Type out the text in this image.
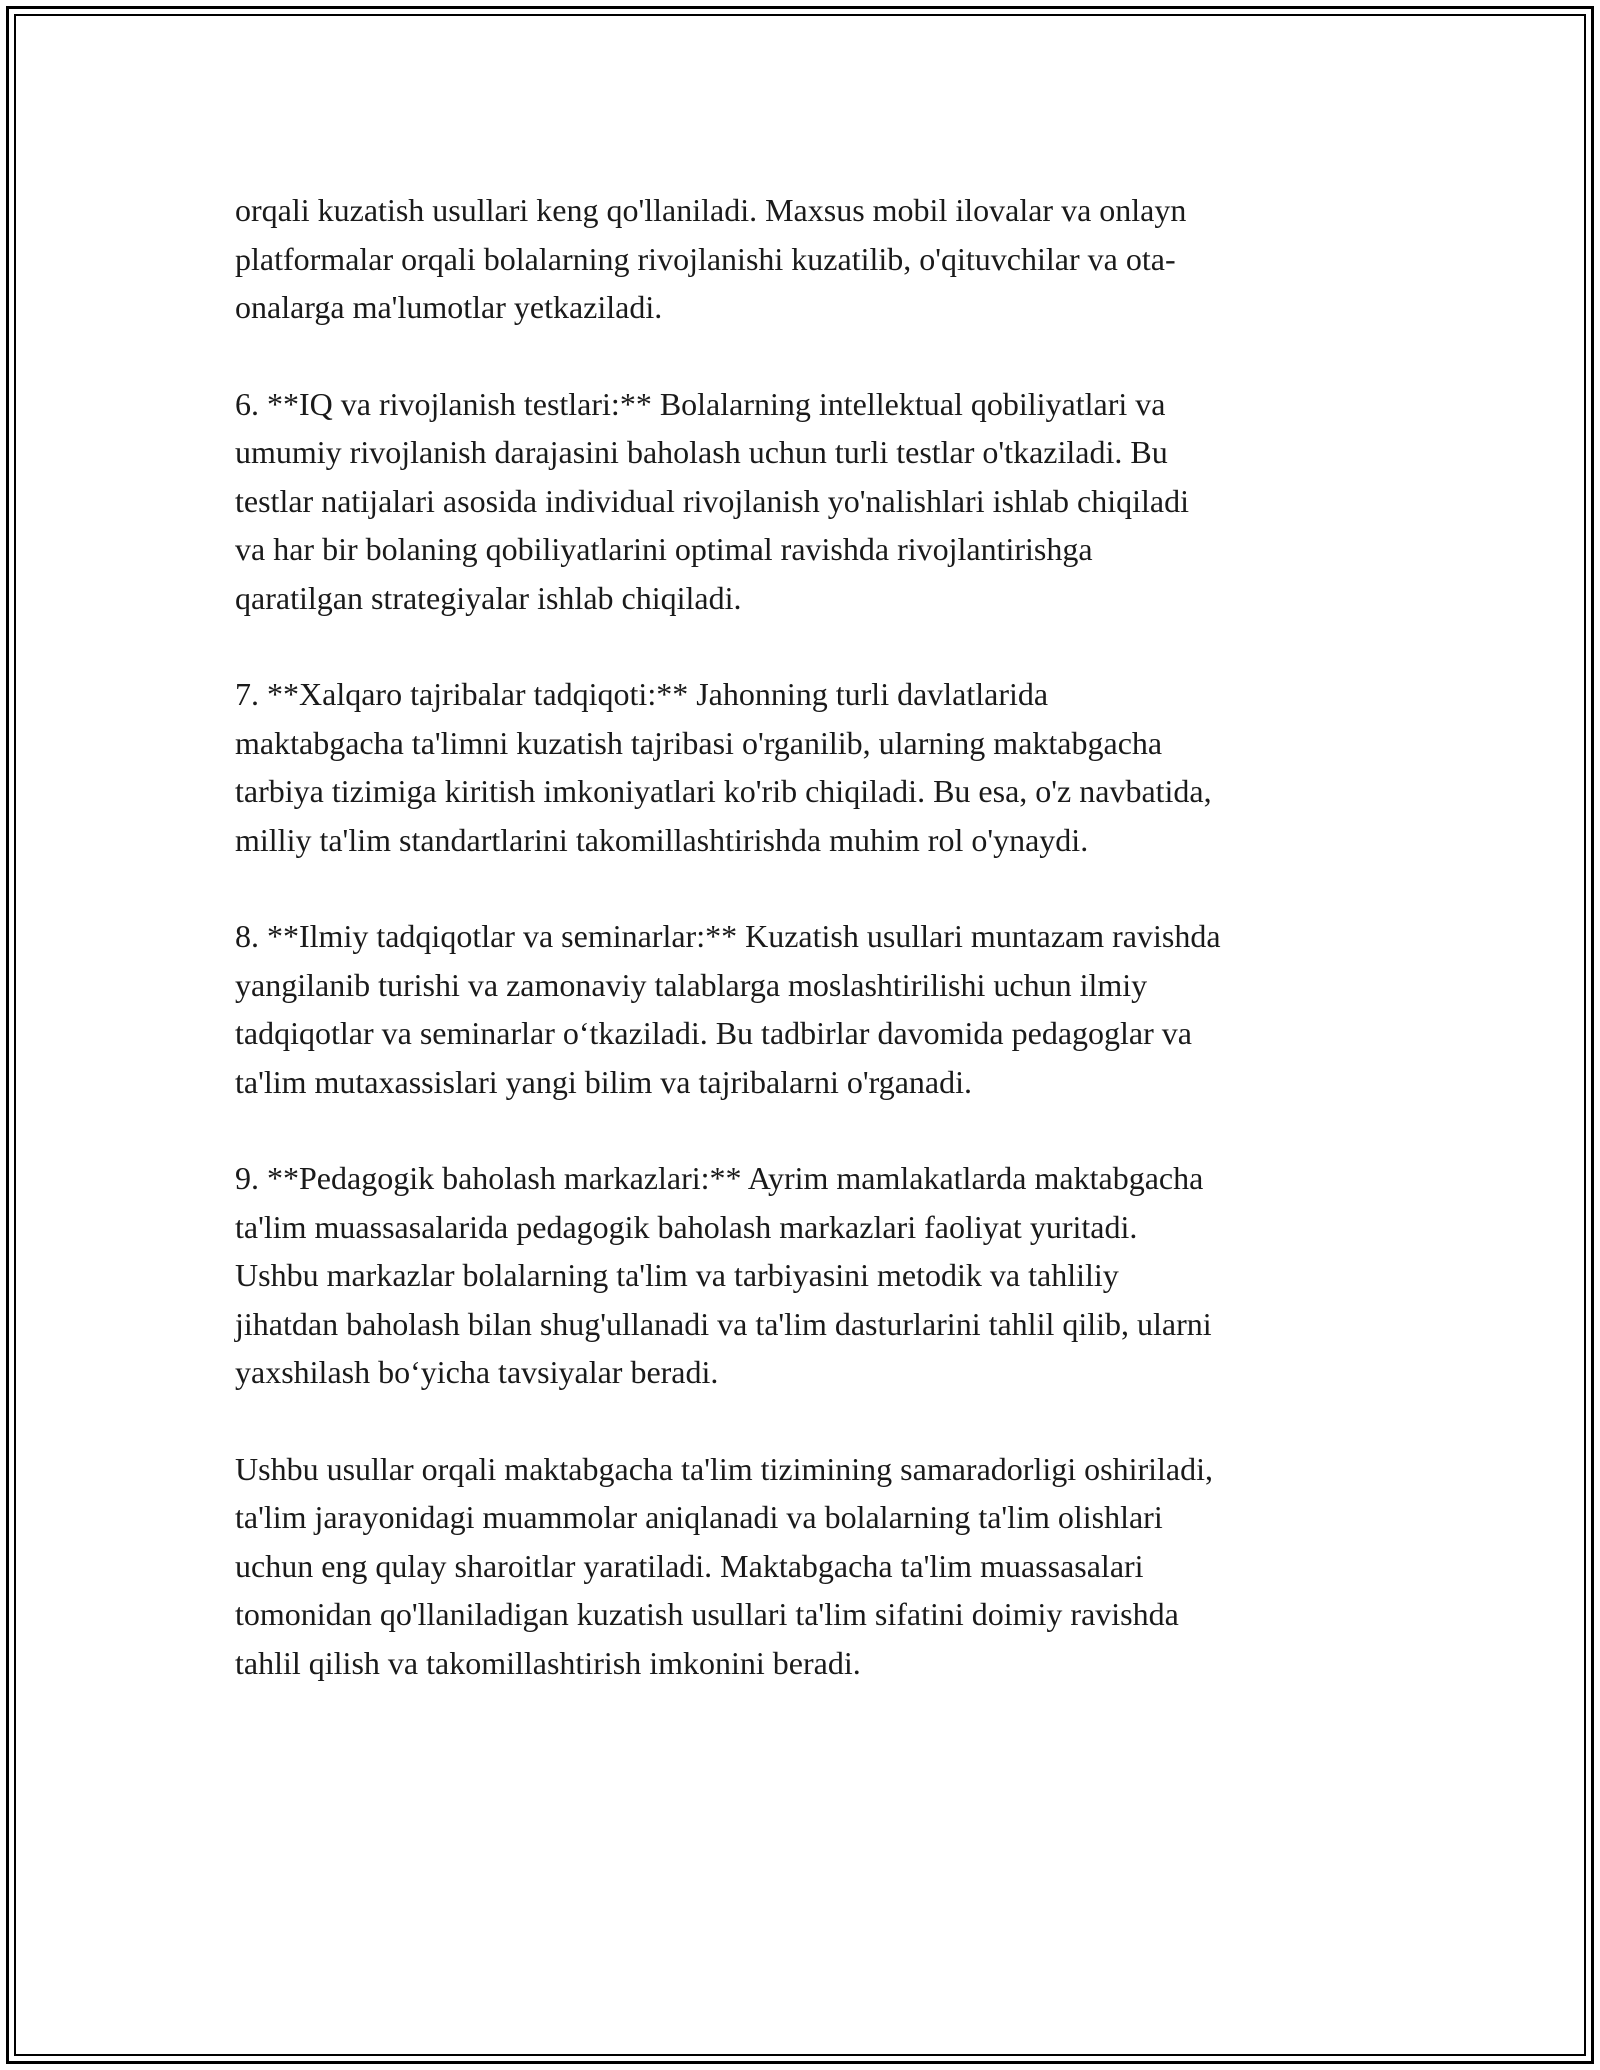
orqali kuzatish usullari keng qo'llaniladi. Maxsus mobil ilovalar va onlayn
platformalar orqali bolalarning rivojlanishi kuzatilib, o'qituvchilar va ota-
onalarga ma'lumotlar yetkaziladi.

6. **IQ va rivojlanish testlari:** Bolalarning intellektual qobiliyatlari va
umumiy rivojlanish darajasini baholash uchun turli testlar o'tkaziladi. Bu
testlar natijalari asosida individual rivojlanish yo'nalishlari ishlab chiqiladi
va har bir bolaning qobiliyatlarini optimal ravishda rivojlantirishga
qaratilgan strategiyalar ishlab chiqiladi.

7. **Xalqaro tajribalar tadqiqoti:** Jahonning turli davlatlarida
maktabgacha ta'limni kuzatish tajribasi o'rganilib, ularning maktabgacha
tarbiya tizimiga kiritish imkoniyatlari ko'rib chiqiladi. Bu esa, o'z navbatida,
milliy ta'lim standartlarini takomillashtirishda muhim rol o'ynaydi.

8. **Ilmiy tadqiqotlar va seminarlar:** Kuzatish usullari muntazam ravishda
yangilanib turishi va zamonaviy talablarga moslashtirilishi uchun ilmiy
tadqiqotlar va seminarlar o‘tkaziladi. Bu tadbirlar davomida pedagoglar va
ta'lim mutaxassislari yangi bilim va tajribalarni o'rganadi.

9. **Pedagogik baholash markazlari:** Ayrim mamlakatlarda maktabgacha
ta'lim muassasalarida pedagogik baholash markazlari faoliyat yuritadi.
Ushbu markazlar bolalarning ta'lim va tarbiyasini metodik va tahliliy
jihatdan baholash bilan shug'ullanadi va ta'lim dasturlarini tahlil qilib, ularni
yaxshilash bo‘yicha tavsiyalar beradi.

Ushbu usullar orqali maktabgacha ta'lim tizimining samaradorligi oshiriladi,
ta'lim jarayonidagi muammolar aniqlanadi va bolalarning ta'lim olishlari
uchun eng qulay sharoitlar yaratiladi. Maktabgacha ta'lim muassasalari
tomonidan qo'llaniladigan kuzatish usullari ta'lim sifatini doimiy ravishda
tahlil qilish va takomillashtirish imkonini beradi.
